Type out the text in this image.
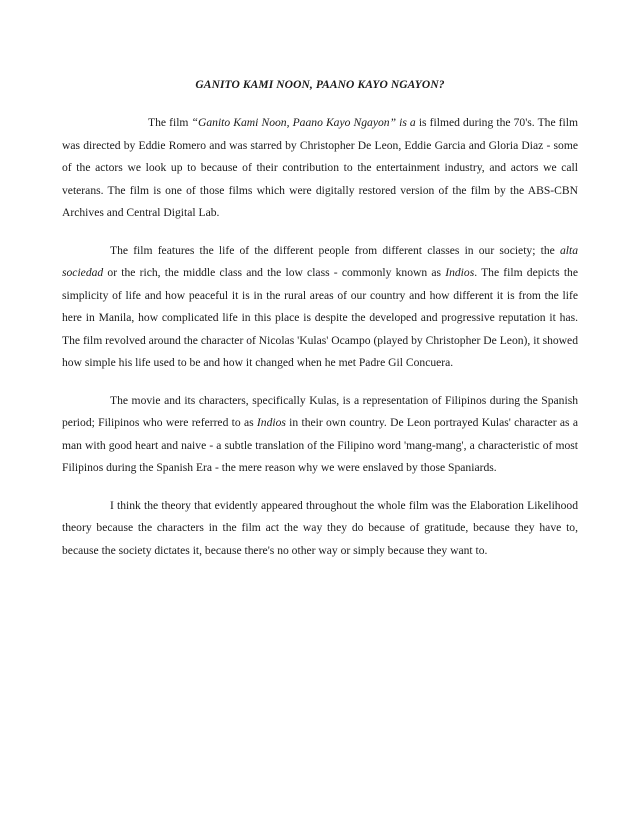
GANITO KAMI NOON, PAANO KAYO NGAYON?

The film “Ganito Kami Noon, Paano Kayo Ngayon” is a is filmed during the 70's. The film was directed by Eddie Romero and was starred by Christopher De Leon, Eddie Garcia and Gloria Diaz - some of the actors we look up to because of their contribution to the entertainment industry, and actors we call veterans. The film is one of those films which were digitally restored version of the film by the ABS-CBN Archives and Central Digital Lab.

The film features the life of the different people from different classes in our society; the alta sociedad or the rich, the middle class and the low class - commonly known as Indios. The film depicts the simplicity of life and how peaceful it is in the rural areas of our country and how different it is from the life here in Manila, how complicated life in this place is despite the developed and progressive reputation it has. The film revolved around the character of Nicolas 'Kulas' Ocampo (played by Christopher De Leon), it showed how simple his life used to be and how it changed when he met Padre Gil Concuera.

The movie and its characters, specifically Kulas, is a representation of Filipinos during the Spanish period; Filipinos who were referred to as Indios in their own country. De Leon portrayed Kulas' character as a man with good heart and naive - a subtle translation of the Filipino word 'mang-mang', a characteristic of most Filipinos during the Spanish Era - the mere reason why we were enslaved by those Spaniards.

I think the theory that evidently appeared throughout the whole film was the Elaboration Likelihood theory because the characters in the film act the way they do because of gratitude, because they have to, because the society dictates it, because there's no other way or simply because they want to.
